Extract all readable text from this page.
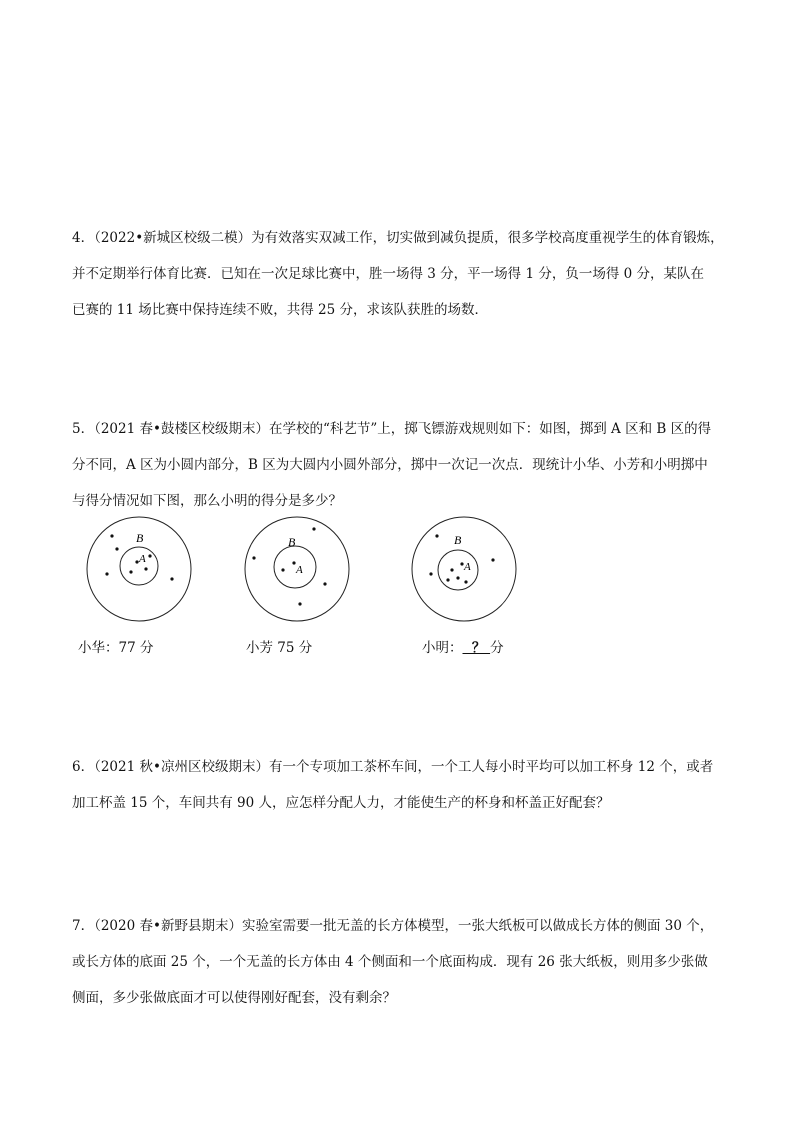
4．（2022•新城区校级二模）为有效落实双减工作，切实做到减负提质，很多学校高度重视学生的体育锻炼，
并不定期举行体育比赛．已知在一次足球比赛中，胜一场得 3 分，平一场得 1 分，负一场得 0 分，某队在
已赛的 11 场比赛中保持连续不败，共得 25 分，求该队获胜的场数．
5．（2021 春•鼓楼区校级期末）在学校的“科艺节”上，掷飞镖游戏规则如下：如图，掷到 A 区和 B 区的得
分不同，A 区为小圆内部分，B 区为大圆内小圆外部分，掷中一次记一次点．现统计小华、小芳和小明掷中
与得分情况如下图，那么小明的得分是多少？
B
A
B
A
B
A
小华：77 分	小芳 75 分	小明：  ？ 分
6．（2021 秋•凉州区校级期末）有一个专项加工茶杯车间，一个工人每小时平均可以加工杯身 12 个，或者
加工杯盖 15 个，车间共有 90 人，应怎样分配人力，才能使生产的杯身和杯盖正好配套？
7．（2020 春•新野县期末）实验室需要一批无盖的长方体模型，一张大纸板可以做成长方体的侧面 30 个，
或长方体的底面 25 个，一个无盖的长方体由 4 个侧面和一个底面构成．现有 26 张大纸板，则用多少张做
侧面，多少张做底面才可以使得刚好配套，没有剩余？
